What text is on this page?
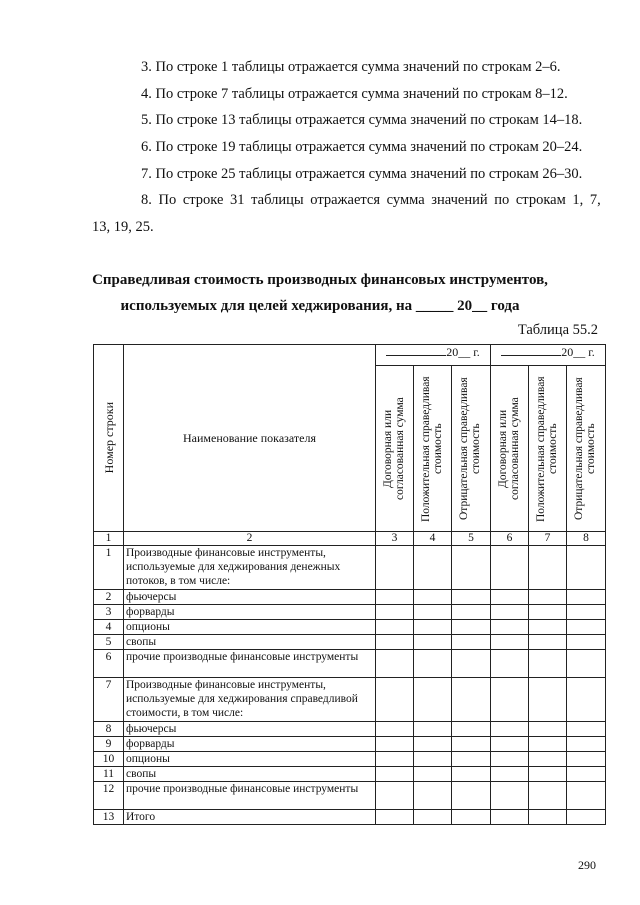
3. По строке 1 таблицы отражается сумма значений по строкам 2–6.
4. По строке 7 таблицы отражается сумма значений по строкам 8–12.
5. По строке 13 таблицы отражается сумма значений по строкам 14–18.
6. По строке 19 таблицы отражается сумма значений по строкам 20–24.
7. По строке 25 таблицы отражается сумма значений по строкам 26–30.
8. По строке 31 таблицы отражается сумма значений по строкам 1, 7,
13, 19, 25.
Справедливая стоимость производных финансовых инструментов,
используемых для целей хеджирования, на _____ 20__ года
Таблица 55.2
Номер строки	Наименование показателя	20__ г.			20__ г.		

		Договорная или согласованная сумма	Положительная справедливая стоимость	Отрицательная справедливая стоимость	Договорная или согласованная сумма	Положительная справедливая стоимость	Отрицательная справедливая стоимость

1	2	3	4	5	6	7	8
1	Производные финансовые инструменты, используемые для хеджирования денежных потоков, в том числе:						
2	фьючерсы						
3	форварды						
4	опционы						
5	свопы						
6	прочие производные финансовые инструменты						
7	Производные финансовые инструменты, используемые для хеджирования справедливой стоимости, в том числе:						
8	фьючерсы						
9	форварды						
10	опционы						
11	свопы						
12	прочие производные финансовые инструменты						
13	Итого						
290
